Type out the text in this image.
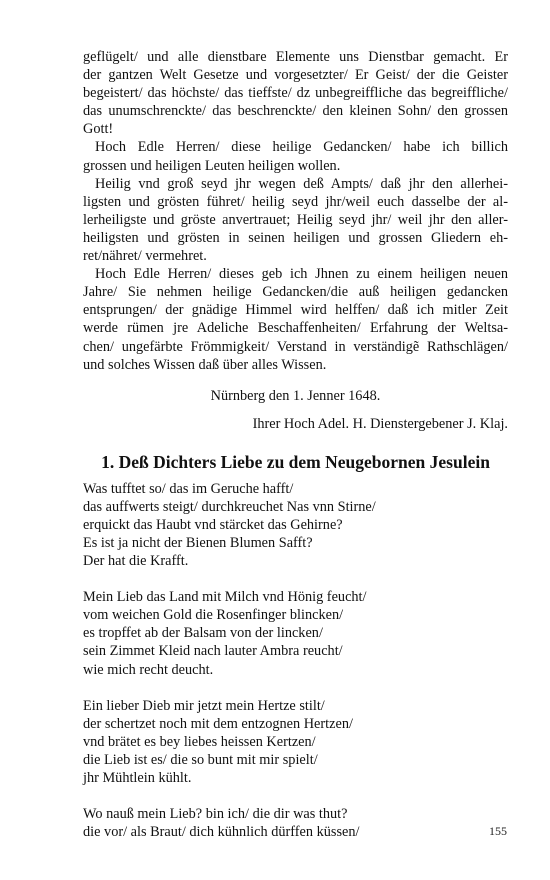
geflügelt/ und alle dienstbare Elemente uns Dienstbar gemacht. Er
der gantzen Welt Gesetze und vorgesetzter/ Er Geist/ der die Geister
begeistert/ das höchste/ das tieffste/ dz unbegreiffliche das begreiffliche/
das unumschrenckte/ das beschrenckte/ den kleinen Sohn/ den grossen
Gott!

Hoch Edle Herren/ diese heilige Gedancken/ habe ich billich
grossen und heiligen Leuten heiligen wollen.

Heilig vnd groß seyd jhr wegen deß Ampts/ daß jhr den allerhei-
ligsten und grösten führet/ heilig seyd jhr/weil euch dasselbe der al-
lerheiligste und gröste anvertrauet; Heilig seyd jhr/ weil jhr den aller-
heiligsten und grösten in seinen heiligen und grossen Gliedern eh-
ret/nähret/ vermehret.

Hoch Edle Herren/ dieses geb ich Jhnen zu einem heiligen neuen
Jahre/ Sie nehmen heilige Gedancken/die auß heiligen gedancken
entsprungen/ der gnädige Himmel wird helffen/ daß ich mitler Zeit
werde rümen jre Adeliche Beschaffenheiten/ Erfahrung der Weltsa-
chen/ ungefärbte Frömmigkeit/ Verstand in verständigẽ Rathschlägen/
und solches Wissen daß über alles Wissen.

Nürnberg den 1. Jenner 1648.
Ihrer Hoch Adel. H. Dienstergebener J. Klaj.
1. Deß Dichters Liebe zu dem Neugebornen Jesulein
Was tufftet so/ das im Geruche hafft/
das auffwerts steigt/ durchkreuchet Nas vnn Stirne/
erquickt das Haubt vnd stärcket das Gehirne?
Es ist ja nicht der Bienen Blumen Safft?
Der hat die Krafft.
Mein Lieb das Land mit Milch vnd Hönig feucht/
vom weichen Gold die Rosenfinger blincken/
es tropffet ab der Balsam von der lincken/
sein Zimmet Kleid nach lauter Ambra reucht/
wie mich recht deucht.
Ein lieber Dieb mir jetzt mein Hertze stilt/
der schertzet noch mit dem entzognen Hertzen/
vnd brätet es bey liebes heissen Kertzen/
die Lieb ist es/ die so bunt mit mir spielt/
jhr Mühtlein kühlt.
Wo nauß mein Lieb? bin ich/ die dir was thut?
die vor/ als Braut/ dich kühnlich dürffen küssen/	155
